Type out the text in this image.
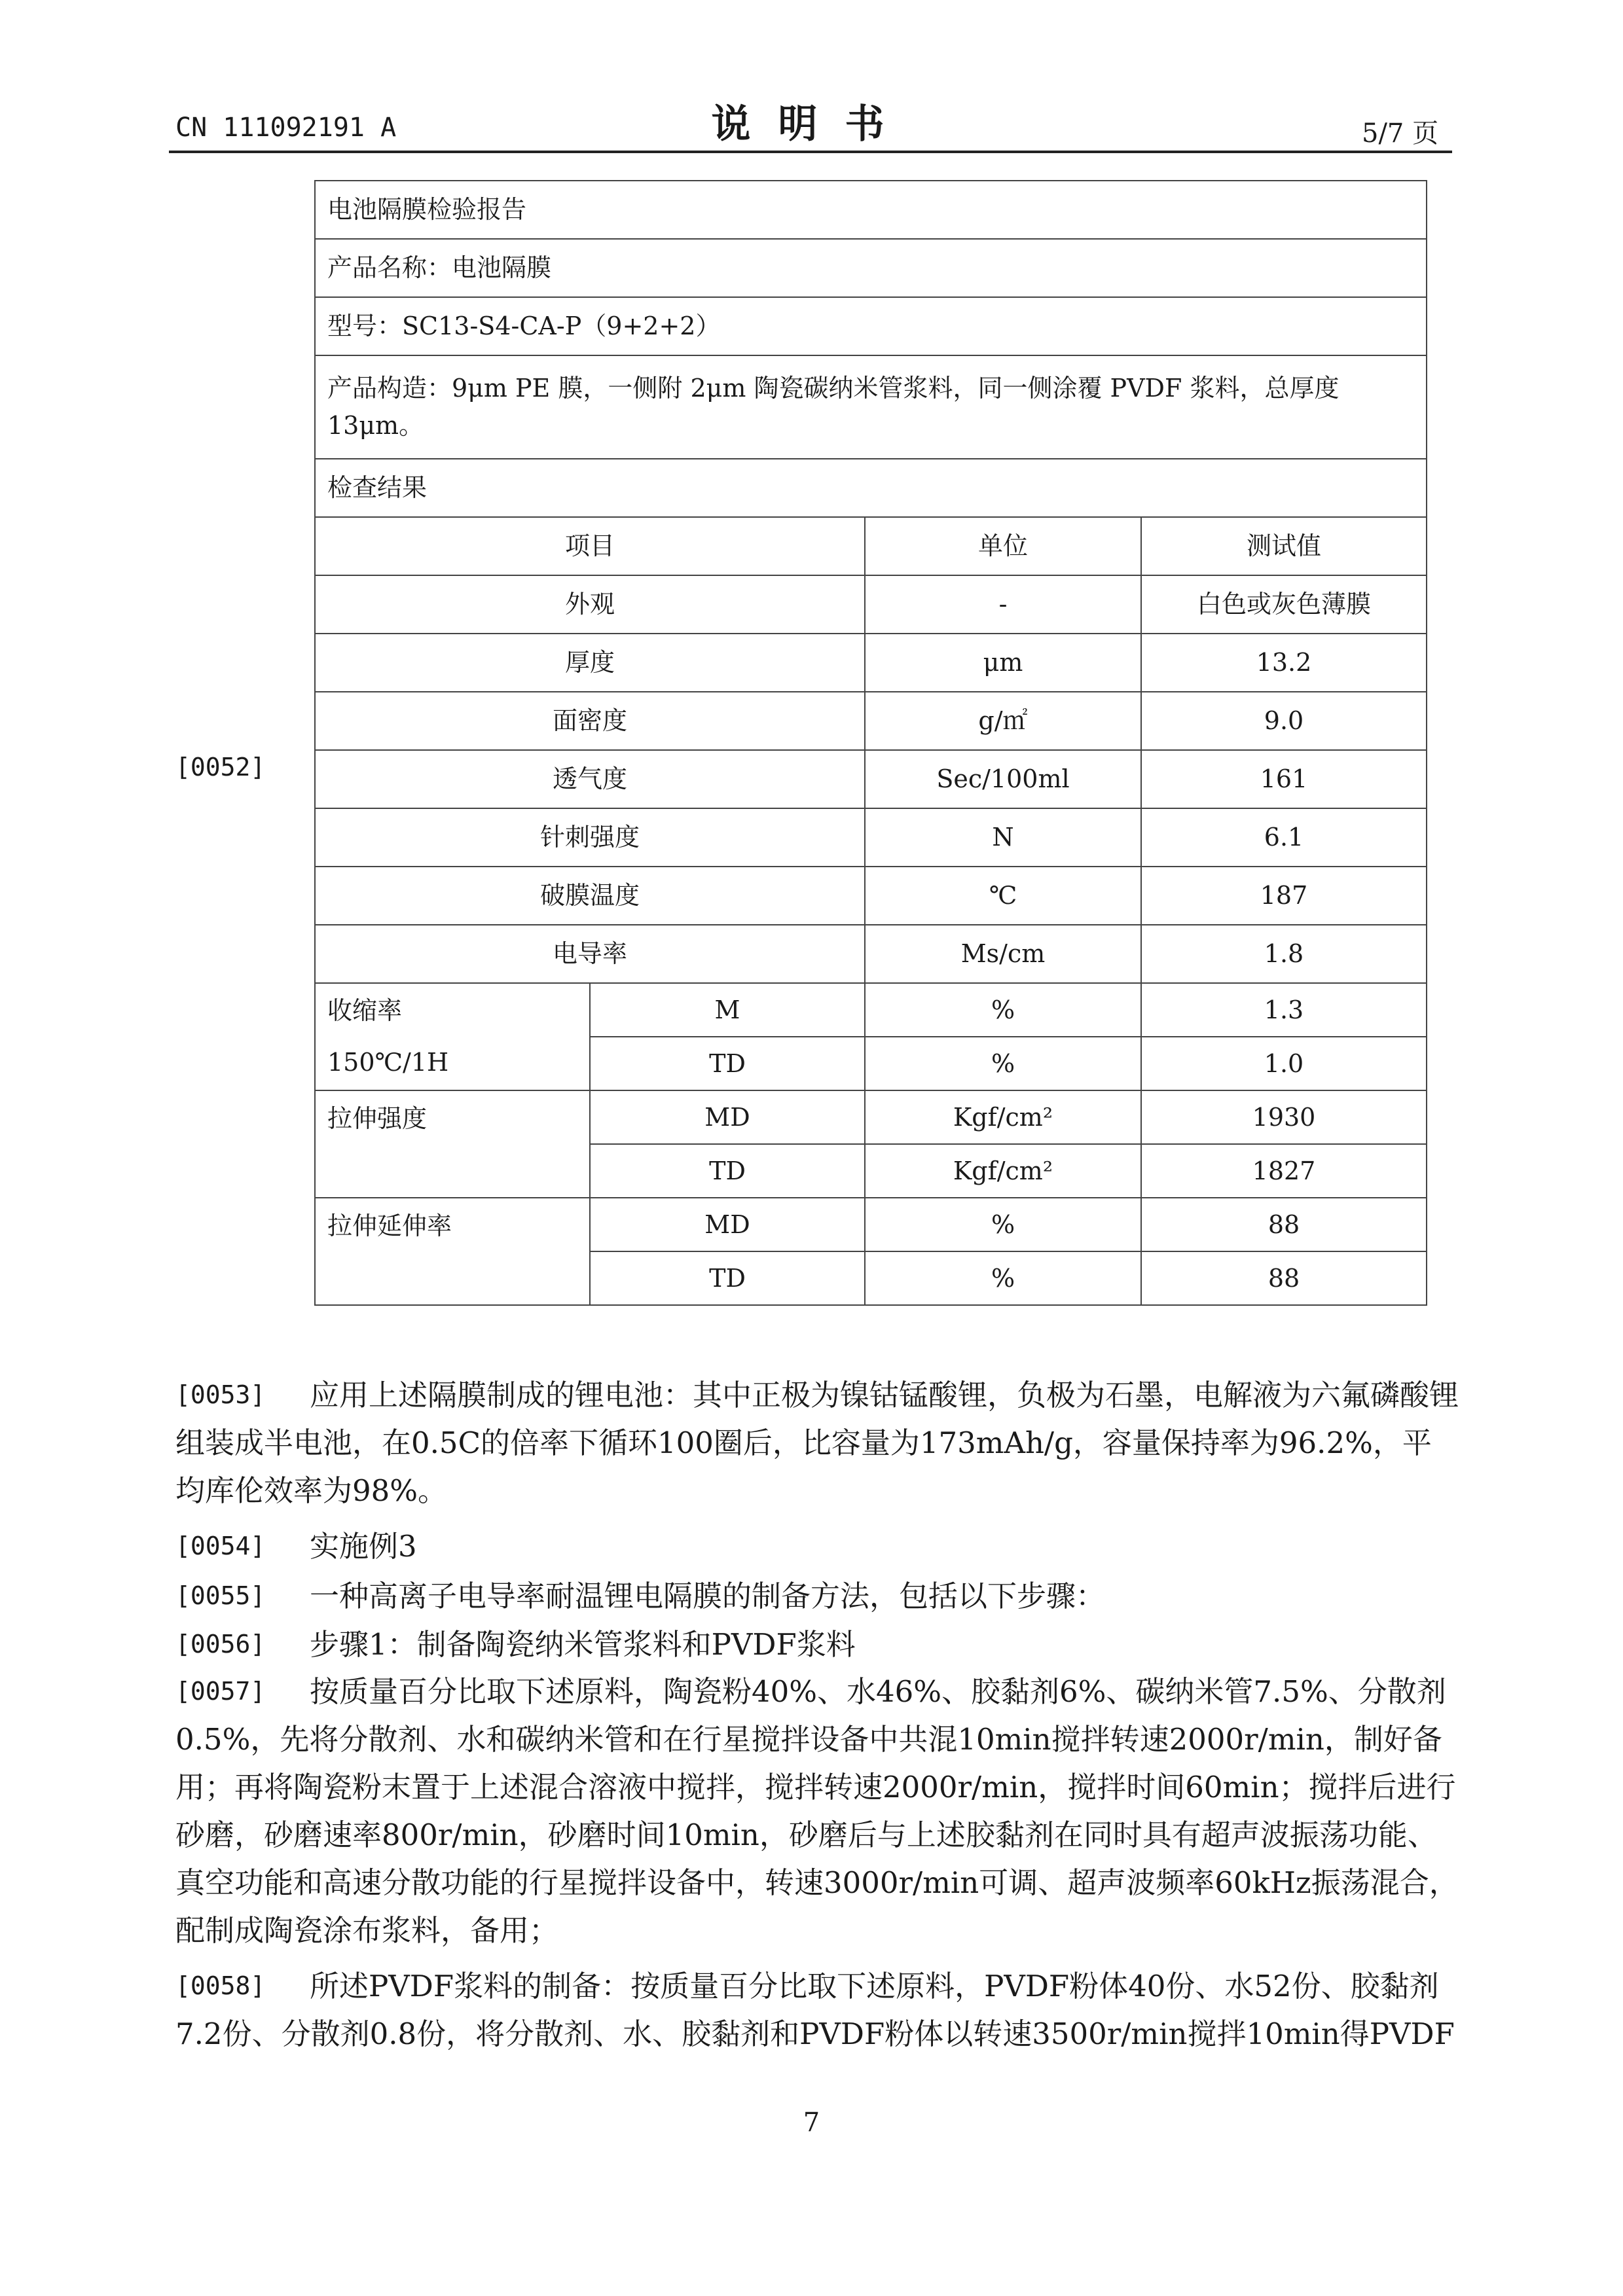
CN 111092191 A	说明书	5/7 页
[0052]
电池隔膜检验报告			
产品名称：电池隔膜			
型号：SC13-S4-CA-P（9+2+2）			
产品构造：9μm PE 膜，一侧附 2μm 陶瓷碳纳米管浆料，同一侧涂覆 PVDF 浆料，总厚度 13μm。			
检查结果			
项目		单位	测试值
外观		-	白色或灰色薄膜
厚度		μm	13.2
面密度		g/㎡	9.0
透气度		Sec/100ml	161
针刺强度		N	6.1
破膜温度		℃	187
电导率		Ms/cm	1.8

收缩率
150℃/1H	M	%	1.3
	TD	%	1.0
拉伸强度	MD	Kgf/cm²	1930
	TD	Kgf/cm²	1827
拉伸延伸率	MD	%	88
	TD	%	88
[0053]	应用上述隔膜制成的锂电池：其中正极为镍钴锰酸锂，负极为石墨，电解液为六氟磷酸锂组装成半电池，在0.5C的倍率下循环100圈后，比容量为173mAh/g，容量保持率为96.2%，平均库伦效率为98%。
[0054]	实施例3
[0055]	一种高离子电导率耐温锂电隔膜的制备方法，包括以下步骤：
[0056]	步骤1：制备陶瓷纳米管浆料和PVDF浆料
[0057]	按质量百分比取下述原料，陶瓷粉40%、水46%、胶黏剂6%、碳纳米管7.5%、分散剂0.5%，先将分散剂、水和碳纳米管和在行星搅拌设备中共混10min搅拌转速2000r/min，制好备用；再将陶瓷粉末置于上述混合溶液中搅拌，搅拌转速2000r/min，搅拌时间60min；搅拌后进行砂磨，砂磨速率800r/min，砂磨时间10min，砂磨后与上述胶黏剂在同时具有超声波振荡功能、真空功能和高速分散功能的行星搅拌设备中，转速3000r/min可调、超声波频率60kHz振荡混合，配制成陶瓷涂布浆料，备用；
[0058]	所述PVDF浆料的制备：按质量百分比取下述原料，PVDF粉体40份、水52份、胶黏剂7.2份、分散剂0.8份，将分散剂、水、胶黏剂和PVDF粉体以转速3500r/min搅拌10min得PVDF
7
